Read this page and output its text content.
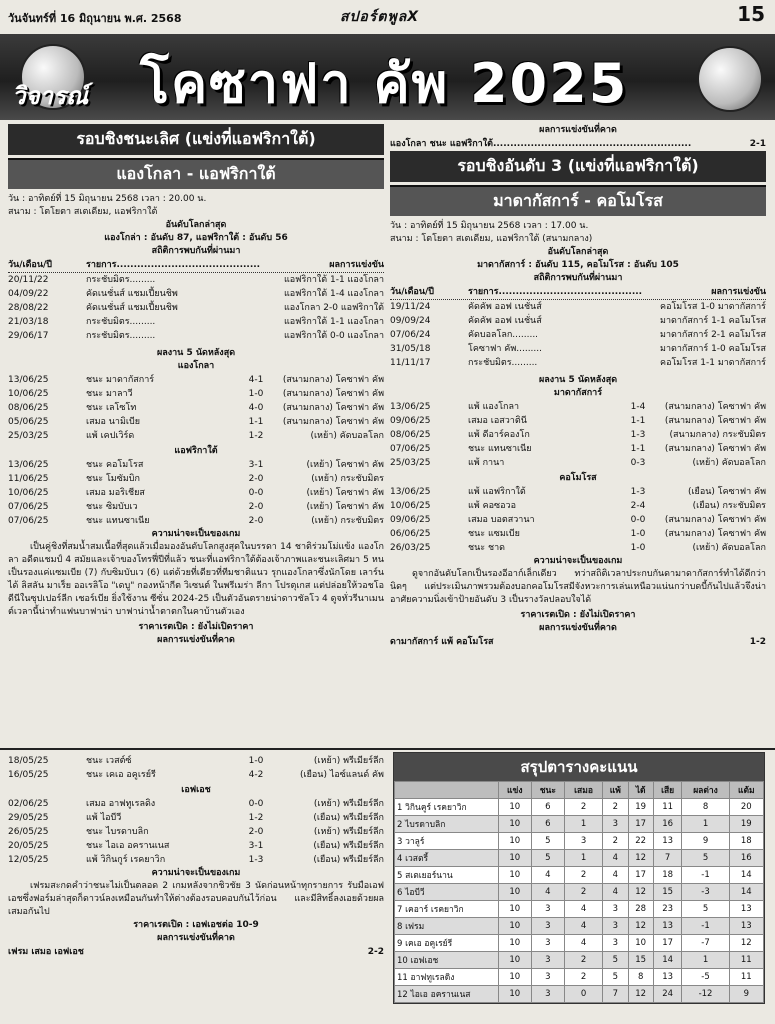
วันจันทร์ที่ 16 มิถุนายน พ.ศ. 2568	สปอร์ตพูลX	15
วิจารณ์ โคซาฟา คัพ 2025
รอบชิงชนะเลิศ (แข่งที่แอฟริกาใต้)
แองโกลา - แอฟริกาใต้
วัน : อาทิตย์ที่ 15 มิถุนายน 2568 เวลา : 20.00 น.
สนาม : โตโยตา สเตเดียม, แอฟริกาใต้
อันดับโลกล่าสุด
แองโกล่า : อันดับ 87, แอฟริกาใต้ : อันดับ 56
สถิติการพบกันที่ผ่านมา
วัน/เดือน/ปี	รายการ..........................................	ผลการแข่งขัน
20/11/22	กระชับมิตร.........	แอฟริกาใต้ 1-1 แองโกลา
04/09/22	คัดเนชั่นส์ แชมเปี้ยนชิพ	แอฟริกาใต้ 1-4 แองโกลา
28/08/22	คัดเนชั่นส์ แชมเปี้ยนชิพ	แองโกลา 2-0 แอฟริกาใต้
21/03/18	กระชับมิตร.........	แอฟริกาใต้ 1-1 แองโกลา
29/06/17	กระชับมิตร.........	แอฟริกาใต้ 0-0 แองโกลา
ผลงาน 5 นัดหลังสุด
แองโกลา
13/06/25	ชนะ มาดากัสการ์	4-1	(สนามกลาง) โคซาฟา คัพ
10/06/25	ชนะ มาลาวี	1-0	(สนามกลาง) โคซาฟา คัพ
08/06/25	ชนะ เลโซโท	4-0	(สนามกลาง) โคซาฟา คัพ
05/06/25	เสมอ นามิเบีย	1-1	(สนามกลาง) โคซาฟา คัพ
25/03/25	แพ้ เคปเวิร์ด	1-2	(เหย้า) คัดบอลโลก
แอฟริกาใต้
13/06/25	ชนะ คอโมโรส	3-1	(เหย้า) โคซาฟา คัพ
11/06/25	ชนะ โมซัมบิก	2-0	(เหย้า) กระชับมิตร
10/06/25	เสมอ มอริเชียส	0-0	(เหย้า) โคซาฟา คัพ
07/06/25	ชนะ ซิมบับเว	2-0	(เหย้า) โคซาฟา คัพ
07/06/25	ชนะ แทนซาเนีย	2-0	(เหย้า) กระชับมิตร
ความน่าจะเป็นของเกม
เป็นคู่ชิงที่สมน้ำสมเนื้อที่สุดแล้วเมื่อมองอันดับโลกสูงสุดในบรรดา 14 ชาติร่วมโม่แข้ง แองโกลา อดีตแชมป์ 4 สมัยและเจ้าของโทรฟี่ปีที่แล้ว ชนะที่แอฟริกาใต้ต้องเจ้าภาพและชนะเลิศมา 5 หน เป็นรองแค่แซมเบีย (7) กับซิมบับเว (6) แต่ด้วยที่เดียวที่ทีมชาติแนว รุกแองโกลาซึ่งนักโดย เลาร์นได้ ลิสลัน มาเร็ย ออเรลิโอ "เดบู" กองหน้ากีต วิเซนต์ ในพรีเมร่า ลีกา โปรตุเกส แต่ปล่อยให้วอชโอดีนีในซุปเปอร์ลีก เชอร์เบีย ยิ่งใช้งาน ซีซั่น 2024-25 เป็นตัวอันตรายน่าดาวชัลโว 4 ดูจทั่วรีนาเมนต์เวลานี้น่าทำแฟนบาฟาน่า บาฟาน่าน้ำตาตกในคาบ้านตัวเอง
ราคาเรตเปิด : ยังไม่เปิดราคา
ผลการแข่งขันที่คาด
ผลการแข่งขันที่คาด
แองโกลา ชนะ แอฟริกาใต้..........................................................	2-1
รอบชิงอันดับ 3 (แข่งที่แอฟริกาใต้)
มาดากัสการ์ - คอโมโรส
วัน : อาทิตย์ที่ 15 มิถุนายน 2568 เวลา : 17.00 น.
สนาม : โตโยตา สเตเดียม, แอฟริกาใต้ (สนามกลาง)
อันดับโลกล่าสุด
มาดากัสการ์ : อันดับ 115, คอโมโรส : อันดับ 105
สถิติการพบกันที่ผ่านมา
วัน/เดือน/ปี	รายการ..........................................	ผลการแข่งขัน
19/11/24	คัดคัพ ออฟ เนชั่นส์	คอโมโรส 1-0 มาดากัสการ์
09/09/24	คัดคัพ ออฟ เนชั่นส์	มาดากัสการ์ 1-1 คอโมโรส
07/06/24	คัดบอลโลก.........	มาดากัสการ์ 2-1 คอโมโรส
31/05/18	โคซาฟา คัพ.........	มาดากัสการ์ 1-0 คอโมโรส
11/11/17	กระชับมิตร.........	คอโมโรส 1-1 มาดากัสการ์
ผลงาน 5 นัดหลังสุด
มาดากัสการ์
13/06/25	แพ้ แองโกลา	1-4	(สนามกลาง) โคซาฟา คัพ
09/06/25	เสมอ เอสวาตินี	1-1	(สนามกลาง) โคซาฟา คัพ
08/06/25	แพ้ ดีอาร์คองโก	1-3	(สนามกลาง) กระชับมิตร
07/06/25	ชนะ แทนซาเนีย	1-1	(สนามกลาง) โคซาฟา คัพ
25/03/25	แพ้ กานา	0-3	(เหย้า) คัดบอลโลก
คอโมโรส
13/06/25	แพ้ แอฟริกาใต้	1-3	(เยือน) โคซาฟา คัพ
10/06/25	แพ้ คอซอวอ	2-4	(เยือน) กระชับมิตร
09/06/25	เสมอ บอตสวานา	0-0	(สนามกลาง) โคซาฟา คัพ
06/06/25	ชนะ แซมเบีย	1-0	(สนามกลาง) โคซาฟา คัพ
26/03/25	ชนะ ชาด	1-0	(เหย้า) คัดบอลโลก
ความน่าจะเป็นของเกม
ดูจากอันดับโลกเป็นรองอีอาก์เล็กเดียว ทว่าสถิติเวลาประกบกันดามาดากัสการ์ทำได้ดีกว่านิดๆ แต่ประเมินภาพรวมต้องบอกคอโมโรสมีจังหวะการเล่นเหนือวแน่นกว่าบดบี้กันไปแล้วจึงน่าอาศัยความนิ่งเข้าป้ายอันดับ 3 เป็นรางวัลปลอบใจได้
ราคาเรตเปิด : ยังไม่เปิดราคา
ผลการแข่งขันที่คาด
ดามากัสการ์ แพ้ คอโมโรส	1-2
18/05/25	ชนะ เวสต์ซ์	1-0	(เหย้า) พรีเมียร์ลีก
16/05/25	ชนะ เคเอ อคูเรย์รี	4-2	(เยือน) ไอซ์แลนด์ คัพ
เอฟเอช
02/06/25	เสมอ อาฟทูเรลดิง	0-0	(เหย้า) พรีเมียร์ลีก
29/05/25	แพ้ ไอบีวี	1-2	(เยือน) พรีเมียร์ลีก
26/05/25	ชนะ ไบรดาบลิก	2-0	(เหย้า) พรีเมียร์ลีก
20/05/25	ชนะ ไอเอ อครานเนส	3-1	(เยือน) พรีเมียร์ลีก
12/05/25	แพ้ วิกินกูร์ เรคยาวิก	1-3	(เยือน) พรีเมียร์ลีก
ความน่าจะเป็นของเกม
เฟรมสะกดคำว่าชนะไม่เป็นตลอด 2 เกมหลังจากชิวชัย 3 นัดก่อนหน้าทุกรายการ รับมือเอฟเอชซึ่งฟอร์มล่าสุดก็ดาวน์ลงเหมือนกันทำให้ต่างต้องรอบคอบกันไว้ก่อน และมีสิทธิ์ลงเอยด้วยผลเสมอกันไป
ราคาเรตเปิด : เอฟเอชต่อ 10-9
ผลการแข่งขันที่คาด
เฟรม เสมอ เอฟเอช	2-2
สรุปตารางคะแนน
	แข่ง	ชนะ	เสมอ	แพ้	ได้	เสีย	ผลต่าง	แต้ม
1 วิกินคูร์ เรคยาวิก	10	6	2	2	19	11	8	20
2 ไบรดาบลิก	10	6	1	3	17	16	1	19
3 วาลูร์	10	5	3	2	22	13	9	18
4 เวสตรี้	10	5	1	4	12	7	5	16
5 สเตเยอร์นาน	10	4	2	4	17	18	-1	14
6 ไอบีวี	10	4	2	4	12	15	-3	14
7 เคอาร์ เรคยาวิก	10	3	4	3	28	23	5	13
8 เฟรม	10	3	4	3	12	13	-1	13
9 เคเอ อคูเรย์รี	10	3	4	3	10	17	-7	12
10 เอฟเอช	10	3	2	5	15	14	1	11
11 อาฟทูเรลดิง	10	3	2	5	8	13	-5	11
12 ไอเอ อครานเนส	10	3	0	7	12	24	-12	9
